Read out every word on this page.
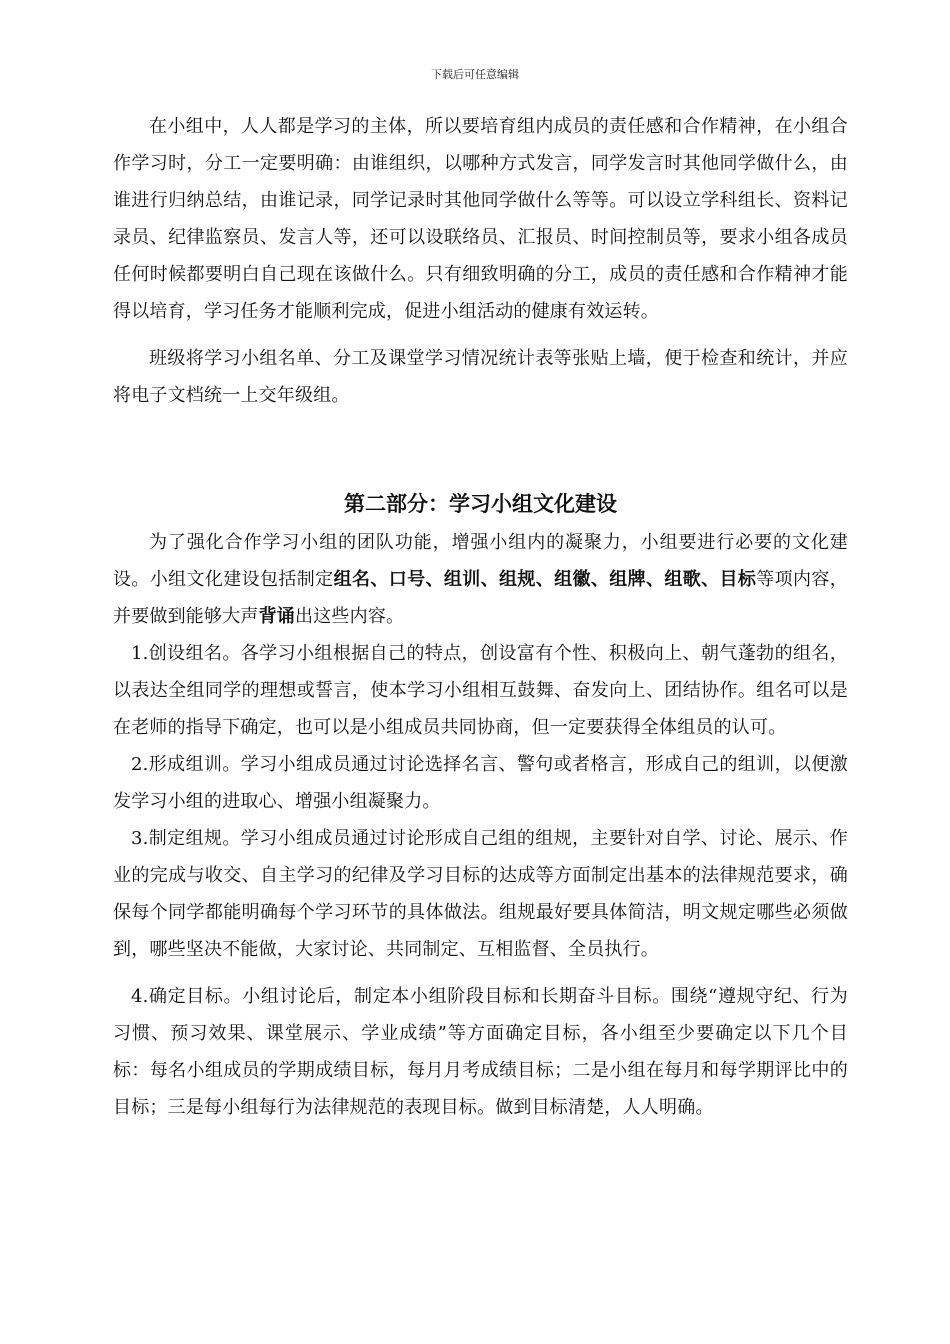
下载后可任意编辑

在小组中，人人都是学习的主体，所以要培育组内成员的责任感和合作精神，在小组合作学习时，分工一定要明确：由谁组织，以哪种方式发言，同学发言时其他同学做什么，由谁进行归纳总结，由谁记录，同学记录时其他同学做什么等等。可以设立学科组长、资料记录员、纪律监察员、发言人等，还可以设联络员、汇报员、时间控制员等，要求小组各成员任何时候都要明白自己现在该做什么。只有细致明确的分工，成员的责任感和合作精神才能得以培育，学习任务才能顺利完成，促进小组活动的健康有效运转。

班级将学习小组名单、分工及课堂学习情况统计表等张贴上墙，便于检查和统计，并应将电子文档统一上交年级组。

第二部分：学习小组文化建设

为了强化合作学习小组的团队功能，增强小组内的凝聚力，小组要进行必要的文化建设。小组文化建设包括制定组名、口号、组训、组规、组徽、组牌、组歌、目标等项内容，并要做到能够大声背诵出这些内容。

1.创设组名。各学习小组根据自己的特点，创设富有个性、积极向上、朝气蓬勃的组名，以表达全组同学的理想或誓言，使本学习小组相互鼓舞、奋发向上、团结协作。组名可以是在老师的指导下确定，也可以是小组成员共同协商，但一定要获得全体组员的认可。

2.形成组训。学习小组成员通过讨论选择名言、警句或者格言，形成自己的组训，以便激发学习小组的进取心、增强小组凝聚力。

3.制定组规。学习小组成员通过讨论形成自己组的组规，主要针对自学、讨论、展示、作业的完成与收交、自主学习的纪律及学习目标的达成等方面制定出基本的法律规范要求，确保每个同学都能明确每个学习环节的具体做法。组规最好要具体简洁，明文规定哪些必须做到，哪些坚决不能做，大家讨论、共同制定、互相监督、全员执行。

4.确定目标。小组讨论后，制定本小组阶段目标和长期奋斗目标。围绕“遵规守纪、行为习惯、预习效果、课堂展示、学业成绩”等方面确定目标，各小组至少要确定以下几个目标：每名小组成员的学期成绩目标，每月月考成绩目标；二是小组在每月和每学期评比中的目标；三是每小组每行为法律规范的表现目标。做到目标清楚，人人明确。
